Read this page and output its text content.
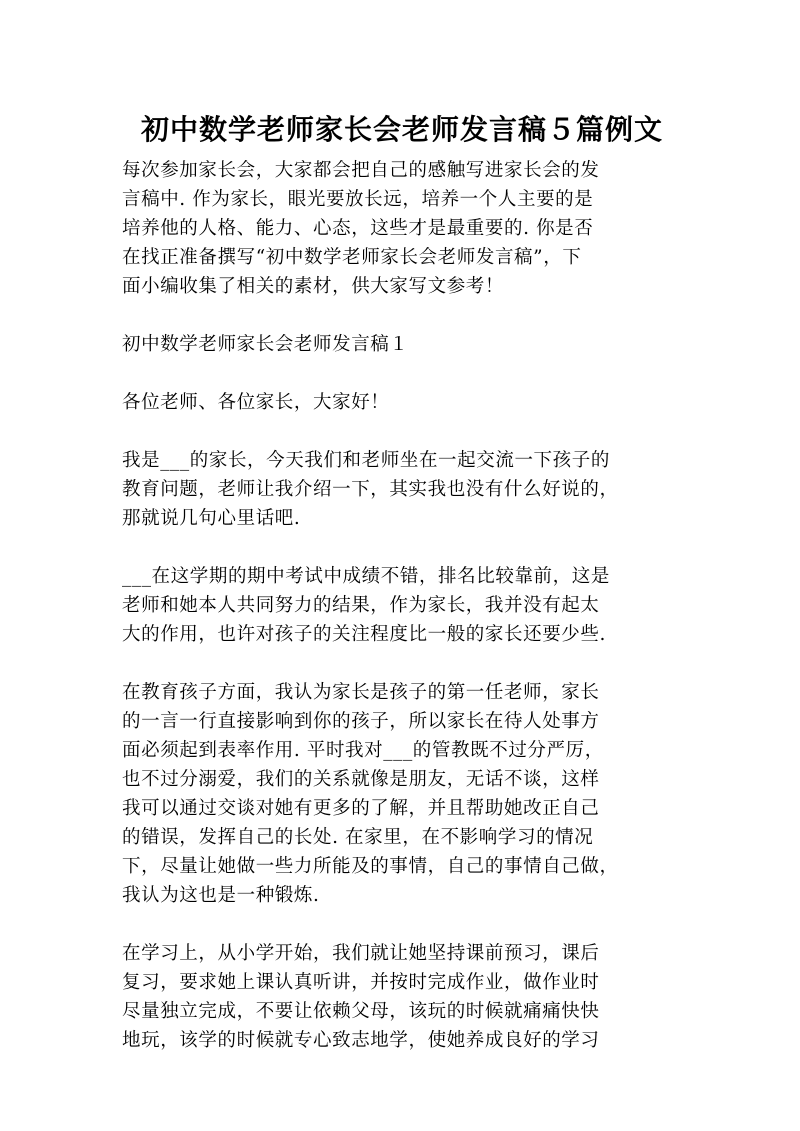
初中数学老师家长会老师发言稿５篇例文
每次参加家长会，大家都会把自己的感触写进家长会的发
言稿中. 作为家长，眼光要放长远，培养一个人主要的是
培养他的人格、能力、心态，这些才是最重要的. 你是否
在找正准备撰写“初中数学老师家长会老师发言稿”，下
面小编收集了相关的素材，供大家写文参考！
初中数学老师家长会老师发言稿１
各位老师、各位家长，大家好！
我是___的家长，今天我们和老师坐在一起交流一下孩子的
教育问题，老师让我介绍一下，其实我也没有什么好说的，
那就说几句心里话吧.
___在这学期的期中考试中成绩不错，排名比较靠前，这是
老师和她本人共同努力的结果，作为家长，我并没有起太
大的作用，也许对孩子的关注程度比一般的家长还要少些.
在教育孩子方面，我认为家长是孩子的第一任老师，家长
的一言一行直接影响到你的孩子，所以家长在待人处事方
面必须起到表率作用. 平时我对___的管教既不过分严厉，
也不过分溺爱，我们的关系就像是朋友，无话不谈，这样
我可以通过交谈对她有更多的了解，并且帮助她改正自己
的错误，发挥自己的长处. 在家里，在不影响学习的情况
下，尽量让她做一些力所能及的事情，自己的事情自己做，
我认为这也是一种锻炼.
在学习上，从小学开始，我们就让她坚持课前预习，课后
复习，要求她上课认真听讲，并按时完成作业，做作业时
尽量独立完成，不要让依赖父母，该玩的时候就痛痛快快
地玩，该学的时候就专心致志地学，使她养成良好的学习
